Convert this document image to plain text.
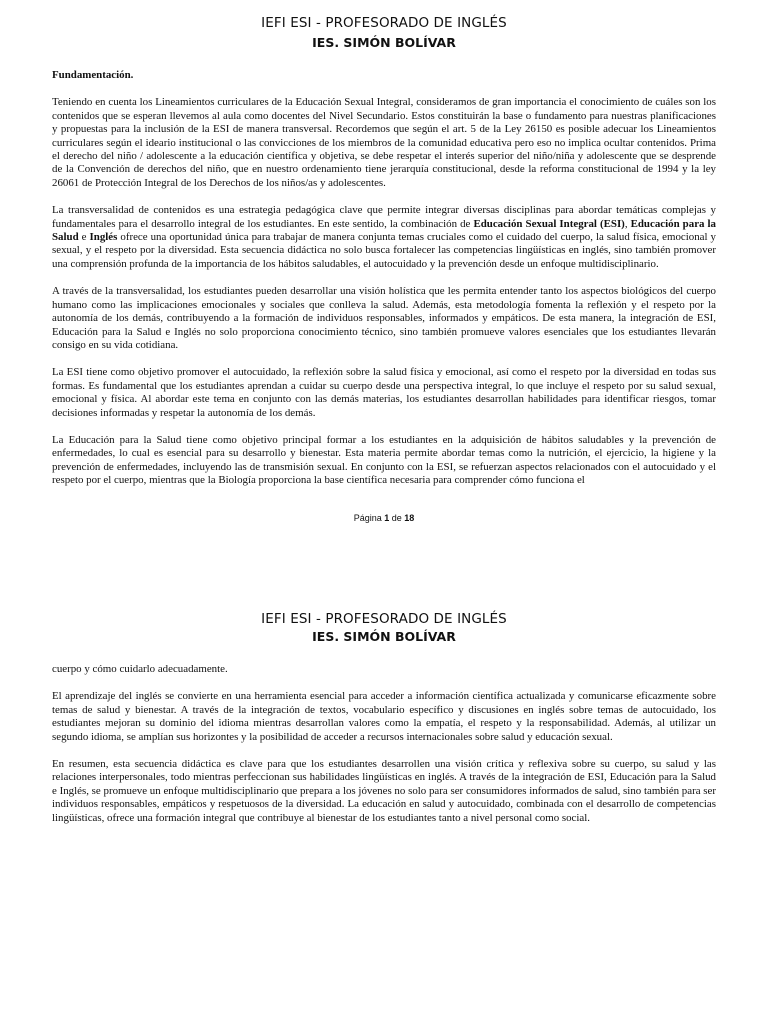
IEFI ESI - PROFESORADO DE INGLÉS
IES. SIMÓN BOLÍVAR

Fundamentación.

Teniendo en cuenta los Lineamientos curriculares de la Educación Sexual Integral, consideramos de gran importancia el conocimiento de cuáles son los contenidos que se esperan llevemos al aula como docentes del Nivel Secundario. Estos constituirán la base o fundamento para nuestras planificaciones y propuestas para la inclusión de la ESI de manera transversal. Recordemos que según el art. 5 de la Ley 26150 es posible adecuar los Lineamientos curriculares según el ideario institucional o las convicciones de los miembros de la comunidad educativa pero eso no implica ocultar contenidos. Prima el derecho del niño / adolescente a la educación científica y objetiva, se debe respetar el interés superior del niño/niña y adolescente que se desprende de la Convención de derechos del niño, que en nuestro ordenamiento tiene jerarquía constitucional, desde la reforma constitucional de 1994 y la ley 26061 de Protección Integral de los Derechos de los niños/as y adolescentes.

La transversalidad de contenidos es una estrategia pedagógica clave que permite integrar diversas disciplinas para abordar temáticas complejas y fundamentales para el desarrollo integral de los estudiantes. En este sentido, la combinación de Educación Sexual Integral (ESI), Educación para la Salud e Inglés ofrece una oportunidad única para trabajar de manera conjunta temas cruciales como el cuidado del cuerpo, la salud física, emocional y sexual, y el respeto por la diversidad. Esta secuencia didáctica no solo busca fortalecer las competencias lingüísticas en inglés, sino también promover una comprensión profunda de la importancia de los hábitos saludables, el autocuidado y la prevención desde un enfoque multidisciplinario.

A través de la transversalidad, los estudiantes pueden desarrollar una visión holística que les permita entender tanto los aspectos biológicos del cuerpo humano como las implicaciones emocionales y sociales que conlleva la salud. Además, esta metodología fomenta la reflexión y el respeto por la autonomía de los demás, contribuyendo a la formación de individuos responsables, informados y empáticos. De esta manera, la integración de ESI, Educación para la Salud e Inglés no solo proporciona conocimiento técnico, sino también promueve valores esenciales que los estudiantes llevarán consigo en su vida cotidiana.

La ESI tiene como objetivo promover el autocuidado, la reflexión sobre la salud física y emocional, así como el respeto por la diversidad en todas sus formas. Es fundamental que los estudiantes aprendan a cuidar su cuerpo desde una perspectiva integral, lo que incluye el respeto por su salud sexual, emocional y física. Al abordar este tema en conjunto con las demás materias, los estudiantes desarrollan habilidades para identificar riesgos, tomar decisiones informadas y respetar la autonomía de los demás.

La Educación para la Salud tiene como objetivo principal formar a los estudiantes en la adquisición de hábitos saludables y la prevención de enfermedades, lo cual es esencial para su desarrollo y bienestar. Esta materia permite abordar temas como la nutrición, el ejercicio, la higiene y la prevención de enfermedades, incluyendo las de transmisión sexual. En conjunto con la ESI, se refuerzan aspectos relacionados con el autocuidado y el respeto por el cuerpo, mientras que la Biología proporciona la base científica necesaria para comprender cómo funciona el

Página 1 de 18
IEFI ESI - PROFESORADO DE INGLÉS
IES. SIMÓN BOLÍVAR

cuerpo y cómo cuidarlo adecuadamente.

El aprendizaje del inglés se convierte en una herramienta esencial para acceder a información científica actualizada y comunicarse eficazmente sobre temas de salud y bienestar. A través de la integración de textos, vocabulario específico y discusiones en inglés sobre temas de autocuidado, los estudiantes mejoran su dominio del idioma mientras desarrollan valores como la empatía, el respeto y la responsabilidad. Además, al utilizar un segundo idioma, se amplían sus horizontes y la posibilidad de acceder a recursos internacionales sobre salud y educación sexual.

En resumen, esta secuencia didáctica es clave para que los estudiantes desarrollen una visión crítica y reflexiva sobre su cuerpo, su salud y las relaciones interpersonales, todo mientras perfeccionan sus habilidades lingüísticas en inglés. A través de la integración de ESI, Educación para la Salud e Inglés, se promueve un enfoque multidisciplinario que prepara a los jóvenes no solo para ser consumidores informados de salud, sino también para ser individuos responsables, empáticos y respetuosos de la diversidad. La educación en salud y autocuidado, combinada con el desarrollo de competencias lingüísticas, ofrece una formación integral que contribuye al bienestar de los estudiantes tanto a nivel personal como social.
